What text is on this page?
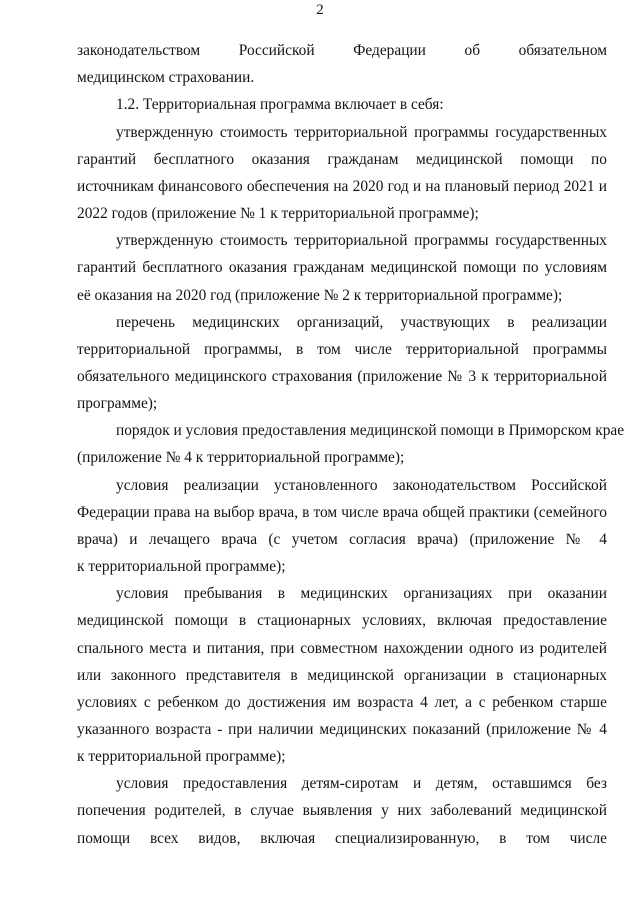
2
законодательством Российской Федерации об обязательном
медицинском страховании.
1.2. Территориальная программа включает в себя:
утвержденную стоимость территориальной программы государственных
гарантий бесплатного оказания гражданам медицинской помощи по
источникам финансового обеспечения на 2020 год и на плановый период 2021 и
2022 годов (приложение № 1 к территориальной программе);
утвержденную стоимость территориальной программы государственных
гарантий бесплатного оказания гражданам медицинской помощи по условиям
её оказания на 2020 год (приложение № 2 к территориальной программе);
перечень медицинских организаций, участвующих в реализации
территориальной программы, в том числе территориальной программы
обязательного медицинского страхования (приложение № 3 к территориальной
программе);
порядок и условия предоставления медицинской помощи в Приморском крае
(приложение № 4 к территориальной программе);
условия реализации установленного законодательством Российской
Федерации права на выбор врача, в том числе врача общей практики (семейного
врача) и лечащего врача (с учетом согласия врача) (приложение № 4
к территориальной программе);
условия пребывания в медицинских организациях при оказании
медицинской помощи в стационарных условиях, включая предоставление
спального места и питания, при совместном нахождении одного из родителей
или законного представителя в медицинской организации в стационарных
условиях с ребенком до достижения им возраста 4 лет, а с ребенком старше
указанного возраста - при наличии медицинских показаний (приложение № 4
к территориальной программе);
условия предоставления детям-сиротам и детям, оставшимся без
попечения родителей, в случае выявления у них заболеваний медицинской
помощи всех видов, включая специализированную, в том числе
